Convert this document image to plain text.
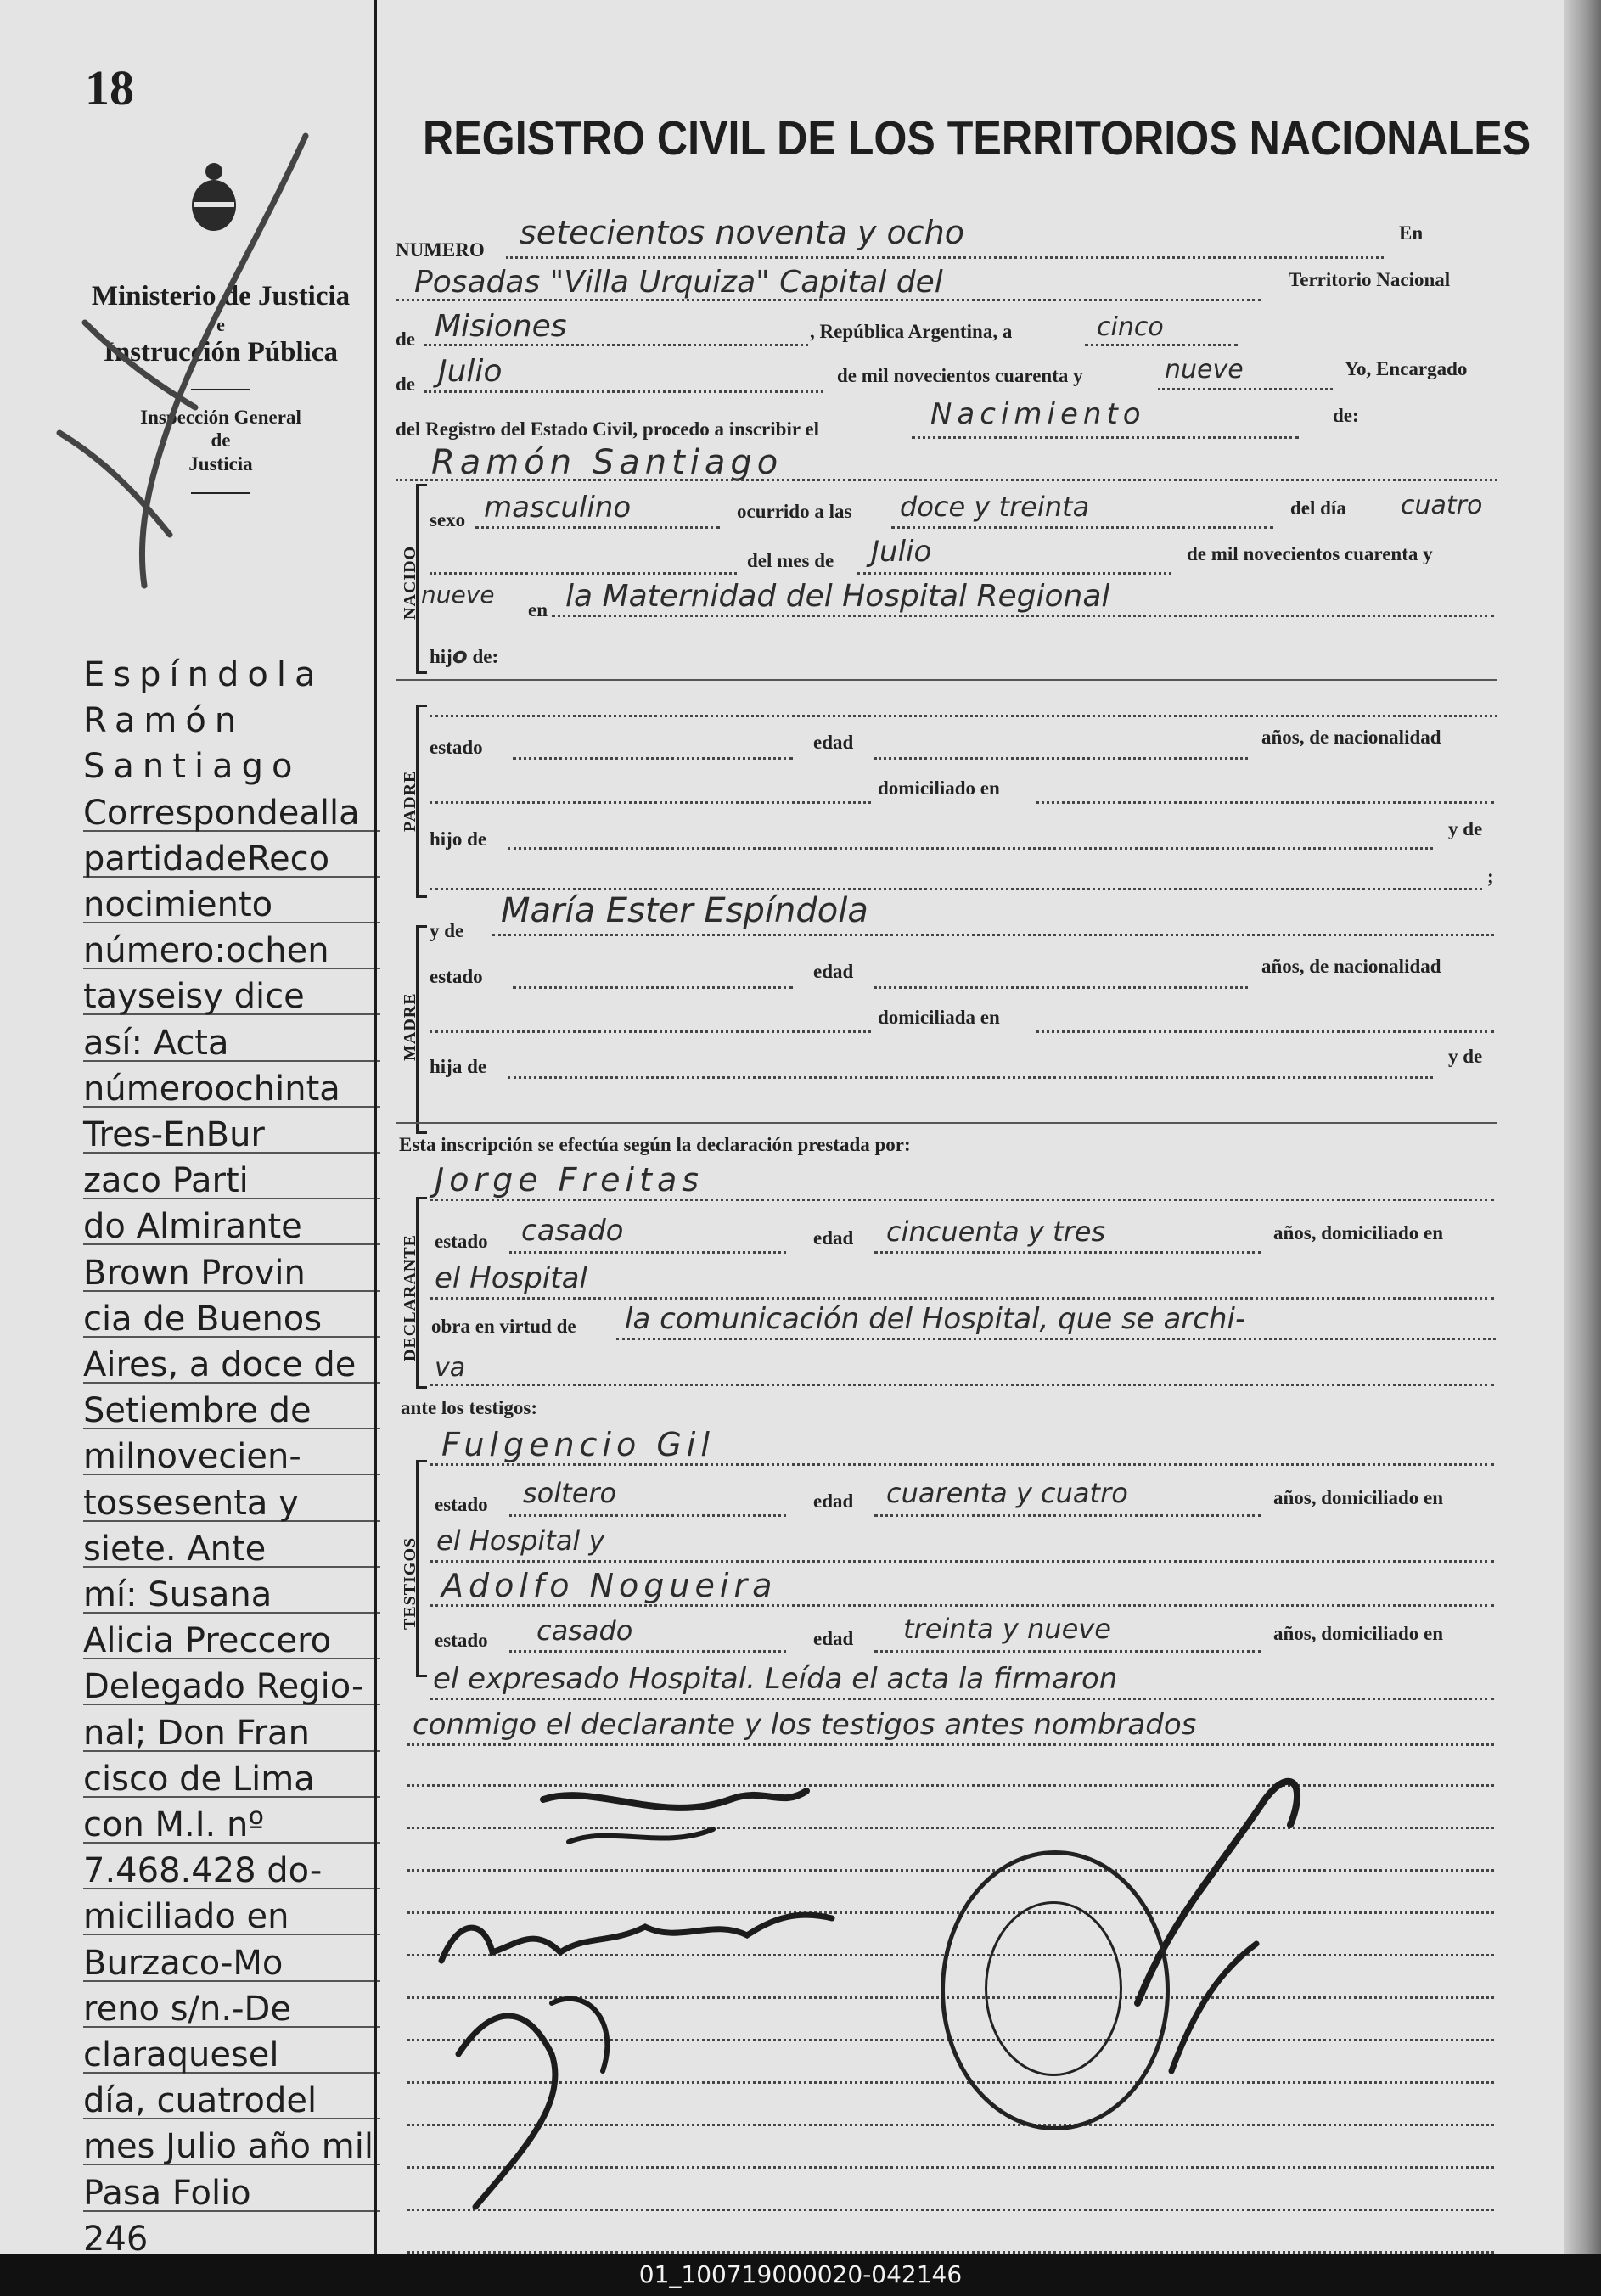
18
Ministerio de Justicia
e
Instrucción Pública
Inspección General
de
Justicia
Espíndola
Ramón
Santiago
Correspondealla
partidadeReco
nocimiento
número:ochen
tayseisy dice
así: Acta
númeroochinta
Tres-EnBur
zaco Parti
do Almirante
Brown Provin
cia de Buenos
Aires, a doce de
Setiembre de
milnovecien-
tossesenta y
siete. Ante
mí: Susana
Alicia Preccero
Delegado Regio-
nal; Don Fran
cisco de Lima
con M.I. nº
7.468.428 do-
miciliado en
Burzaco-Mo
reno s/n.-De
claraquesel
día, cuatrodel
mes Julio año mil
Pasa Folio
246
REGISTRO CIVIL DE LOS TERRITORIOS NACIONALES
NUMERO setecientos noventa y ocho	En
Posadas "Villa Urquiza" Capital del	Territorio Nacional
de Misiones	, República Argentina, a	cinco
de Julio	de mil novecientos cuarenta y	nueve	Yo, Encargado
del Registro del Estado Civil, procedo a inscribir el	Nacimiento	de:
Ramón Santiago
NACIDO
sexo masculino	ocurrido a las doce y treinta	del día cuatro
del mes de Julio	de mil novecientos cuarenta y
nueve
en la Maternidad del Hospital Regional
hijo de:
PADRE
estado	edad	años, de nacionalidad
domiciliado en
hijo de	y de
;
y de
María Ester Espíndola
MADRE
estado	edad	años, de nacionalidad
domiciliada en
hija de	y de
Esta inscripción se efectúa según la declaración prestada por:
Jorge Freitas
DECLARANTE estado casado	edad cincuenta y tres	años, domiciliado en
el Hospital
obra en virtud de la comunicación del Hospital, que se archi-
va
ante los testigos:
Fulgencio Gil
TESTIGOS
estado soltero	edad cuarenta y cuatro	años, domiciliado en
el Hospital y
Adolfo Nogueira
estado casado	edad treinta y nueve	años, domiciliado en
el expresado Hospital. Leída el acta la firmaron
conmigo el declarante y los testigos antes nombrados
01_100719000020-042146
